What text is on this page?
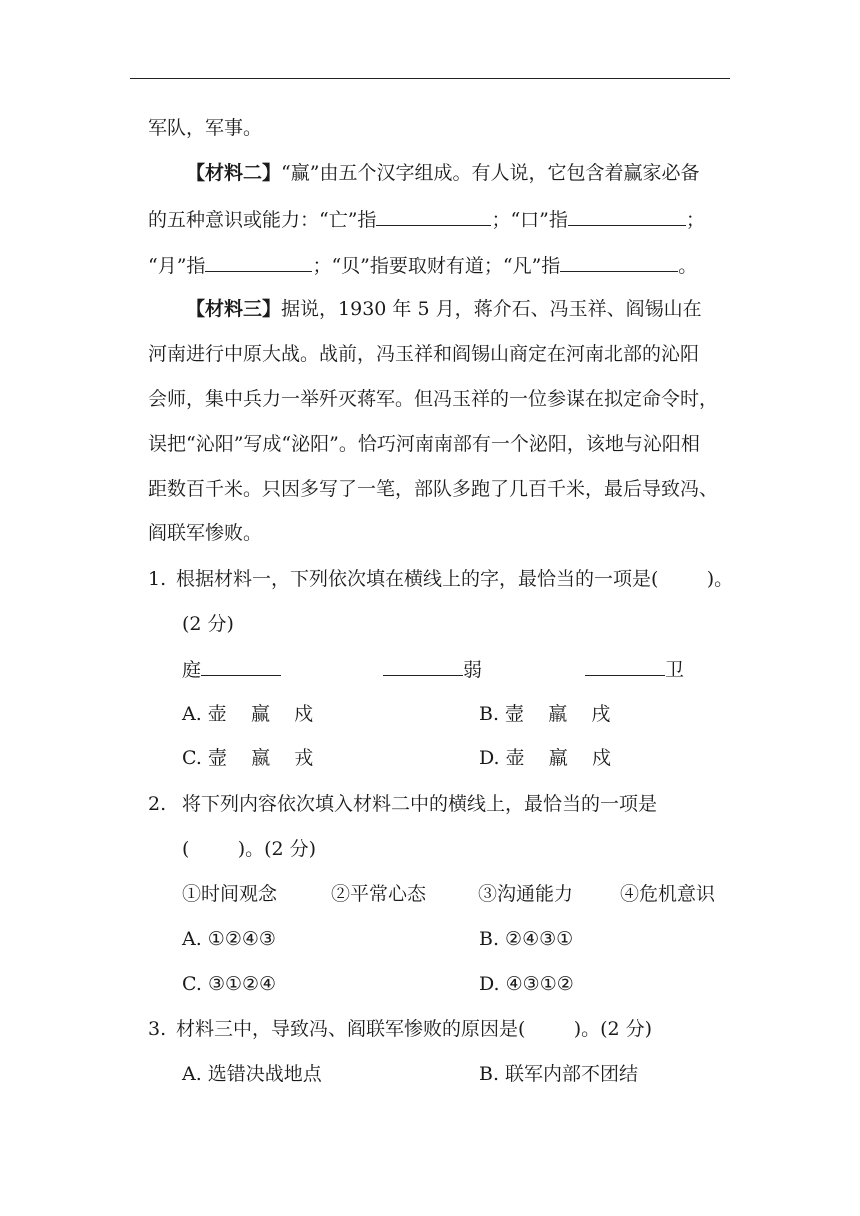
军队，军事。
【材料二】“赢”由五个汉字组成。有人说，它包含着赢家必备
的五种意识或能力：“亡”指	；“口”指	；
“月”指	；“贝”指要取财有道；“凡”指	。
【材料三】据说，1930 年 5 月，蒋介石、冯玉祥、阎锡山在
河南进行中原大战。战前，冯玉祥和阎锡山商定在河南北部的沁阳
会师，集中兵力一举歼灭蒋军。但冯玉祥的一位参谋在拟定命令时，
误把“沁阳”写成“泌阳”。恰巧河南南部有一个泌阳，该地与沁阳相
距数百千米。只因多写了一笔，部队多跑了几百千米，最后导致冯、
阎联军惨败。
1. 根据材料一，下列依次填在横线上的字，最恰当的一项是(        )。
(2 分)
庭	弱	卫
A. 壶    赢    戍	B. 壸    羸    戌
C. 壸    嬴    戎	D. 壶    羸    戍
2. 将下列内容依次填入材料二中的横线上，最恰当的一项是
(        )。(2 分)
①时间观念	②平常心态	③沟通能力 ④危机意识
A. ①②④③	B. ②④③①
C. ③①②④	D. ④③①②
3. 材料三中，导致冯、阎联军惨败的原因是(        )。(2 分)
A. 选错决战地点	B. 联军内部不团结
